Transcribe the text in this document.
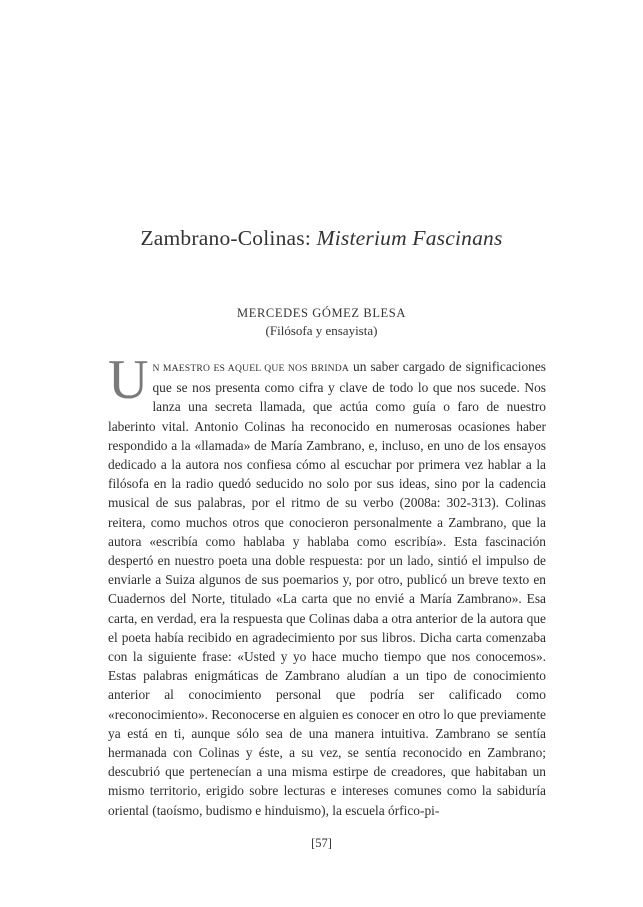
Zambrano-Colinas: Misterium Fascinans
MERCEDES GÓMEZ BLESA
(Filósofa y ensayista)
UN MAESTRO ES AQUEL QUE NOS BRINDA un saber cargado de significaciones que se nos presenta como cifra y clave de todo lo que nos sucede. Nos lanza una secreta llamada, que actúa como guía o faro de nuestro laberinto vital. Antonio Colinas ha reconocido en numerosas ocasiones haber respondido a la «llamada» de María Zambrano, e, incluso, en uno de los ensayos dedicado a la autora nos confiesa cómo al escuchar por primera vez hablar a la filósofa en la radio quedó seducido no solo por sus ideas, sino por la cadencia musical de sus palabras, por el ritmo de su verbo (2008a: 302-313). Colinas reitera, como muchos otros que conocieron personalmente a Zambrano, que la autora «escribía como hablaba y hablaba como escribía». Esta fascinación despertó en nuestro poeta una doble respuesta: por un lado, sintió el impulso de enviarle a Suiza algunos de sus poemarios y, por otro, publicó un breve texto en Cuadernos del Norte, titulado «La carta que no envié a María Zambrano». Esa carta, en verdad, era la respuesta que Colinas daba a otra anterior de la autora que el poeta había recibido en agradecimiento por sus libros. Dicha carta comenzaba con la siguiente frase: «Usted y yo hace mucho tiempo que nos conocemos». Estas palabras enigmáticas de Zambrano aludían a un tipo de conocimiento anterior al conocimiento personal que podría ser calificado como «reconocimiento». Reconocerse en alguien es conocer en otro lo que previamente ya está en ti, aunque sólo sea de una manera intuitiva. Zambrano se sentía hermanada con Colinas y éste, a su vez, se sentía reconocido en Zambrano; descubrió que pertenecían a una misma estirpe de creadores, que habitaban un mismo territorio, erigido sobre lecturas e intereses comunes como la sabiduría oriental (taoísmo, budismo e hinduismo), la escuela órfico-pi-
[57]
